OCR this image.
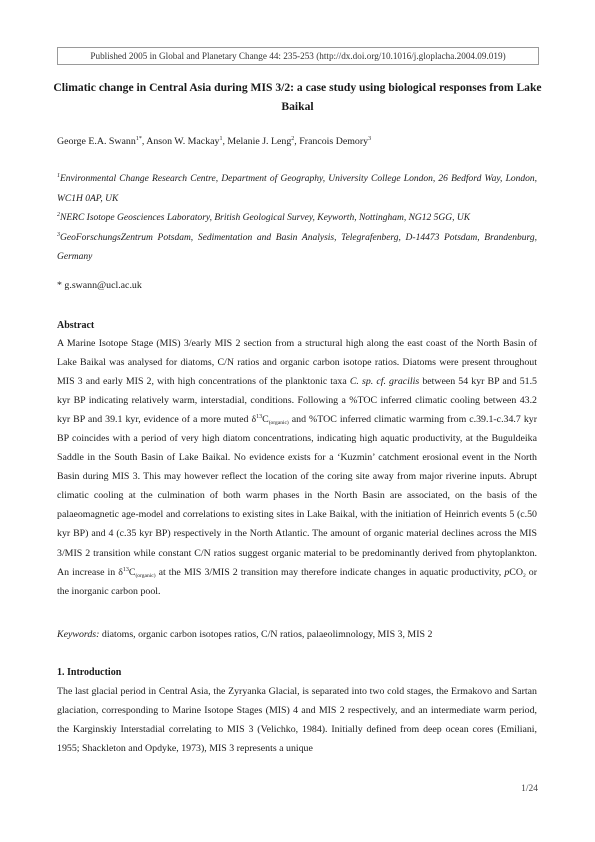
Published 2005 in Global and Planetary Change 44: 235-253 (http://dx.doi.org/10.1016/j.gloplacha.2004.09.019)
Climatic change in Central Asia during MIS 3/2: a case study using biological responses from Lake Baikal
George E.A. Swann$^{1*}$, Anson W. Mackay$^1$, Melanie J. Leng$^2$, Francois Demory$^3$

$^1$Environmental Change Research Centre, Department of Geography, University College London, 26 Bedford Way, London, WC1H 0AP, UK

$^2$NERC Isotope Geosciences Laboratory, British Geological Survey, Keyworth, Nottingham, NG12 5GG, UK

$^3$GeoForschungsZentrum Potsdam, Sedimentation and Basin Analysis, Telegrafenberg, D-14473 Potsdam, Brandenburg, Germany

* g.swann@ucl.ac.uk
Abstract
A Marine Isotope Stage (MIS) 3/early MIS 2 section from a structural high along the east coast of the North Basin of Lake Baikal was analysed for diatoms, C/N ratios and organic carbon isotope ratios. Diatoms were present throughout MIS 3 and early MIS 2, with high concentrations of the planktonic taxa C. sp. cf. gracilis between 54 kyr BP and 51.5 kyr BP indicating relatively warm, interstadial, conditions. Following a %TOC inferred climatic cooling between 43.2 kyr BP and 39.1 kyr, evidence of a more muted $\delta^{13}C_{(organic)}$ and %TOC inferred climatic warming from c.39.1-c.34.7 kyr BP coincides with a period of very high diatom concentrations, indicating high aquatic productivity, at the Buguldeika Saddle in the South Basin of Lake Baikal. No evidence exists for a ‘Kuzmin’ catchment erosional event in the North Basin during MIS 3. This may however reflect the location of the coring site away from major riverine inputs. Abrupt climatic cooling at the culmination of both warm phases in the North Basin are associated, on the basis of the palaeomagnetic age-model and correlations to existing sites in Lake Baikal, with the initiation of Heinrich events 5 (c.50 kyr BP) and 4 (c.35 kyr BP) respectively in the North Atlantic. The amount of organic material declines across the MIS 3/MIS 2 transition while constant C/N ratios suggest organic material to be predominantly derived from phytoplankton. An increase in $\delta^{13}C_{(organic)}$ at the MIS 3/MIS 2 transition may therefore indicate changes in aquatic productivity, pCO$_2$ or the inorganic carbon pool.
Keywords: diatoms, organic carbon isotopes ratios, C/N ratios, palaeolimnology, MIS 3, MIS 2
1. Introduction
The last glacial period in Central Asia, the Zyryanka Glacial, is separated into two cold stages, the Ermakovo and Sartan glaciation, corresponding to Marine Isotope Stages (MIS) 4 and MIS 2 respectively, and an intermediate warm period, the Karginskiy Interstadial correlating to MIS 3 (Velichko, 1984). Initially defined from deep ocean cores (Emiliani, 1955; Shackleton and Opdyke, 1973), MIS 3 represents a unique
1/24
